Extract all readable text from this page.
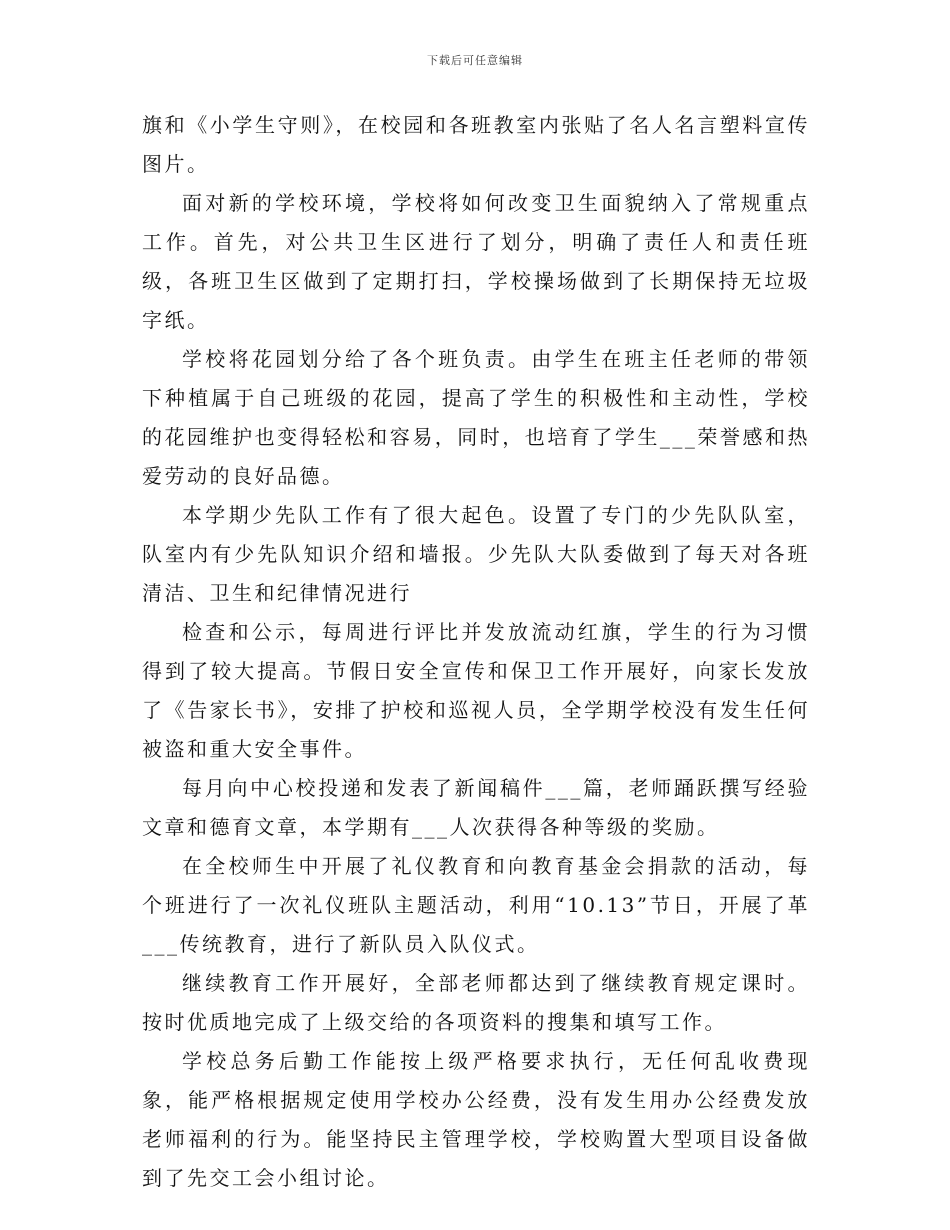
下载后可任意编辑

旗和《小学生守则》，在校园和各班教室内张贴了名人名言塑料宣传图片。

面对新的学校环境，学校将如何改变卫生面貌纳入了常规重点工作。首先，对公共卫生区进行了划分，明确了责任人和责任班级，各班卫生区做到了定期打扫，学校操场做到了长期保持无垃圾字纸。

学校将花园划分给了各个班负责。由学生在班主任老师的带领下种植属于自己班级的花园，提高了学生的积极性和主动性，学校的花园维护也变得轻松和容易，同时，也培育了学生___荣誉感和热爱劳动的良好品德。

本学期少先队工作有了很大起色。设置了专门的少先队队室，队室内有少先队知识介绍和墙报。少先队大队委做到了每天对各班清洁、卫生和纪律情况进行

检查和公示，每周进行评比并发放流动红旗，学生的行为习惯得到了较大提高。节假日安全宣传和保卫工作开展好，向家长发放了《告家长书》，安排了护校和巡视人员，全学期学校没有发生任何被盗和重大安全事件。

每月向中心校投递和发表了新闻稿件___篇，老师踊跃撰写经验文章和德育文章，本学期有___人次获得各种等级的奖励。

在全校师生中开展了礼仪教育和向教育基金会捐款的活动，每个班进行了一次礼仪班队主题活动，利用“10.13”节日，开展了革___传统教育，进行了新队员入队仪式。

继续教育工作开展好，全部老师都达到了继续教育规定课时。按时优质地完成了上级交给的各项资料的搜集和填写工作。

学校总务后勤工作能按上级严格要求执行，无任何乱收费现象，能严格根据规定使用学校办公经费，没有发生用办公经费发放老师福利的行为。能坚持民主管理学校，学校购置大型项目设备做到了先交工会小组讨论。
